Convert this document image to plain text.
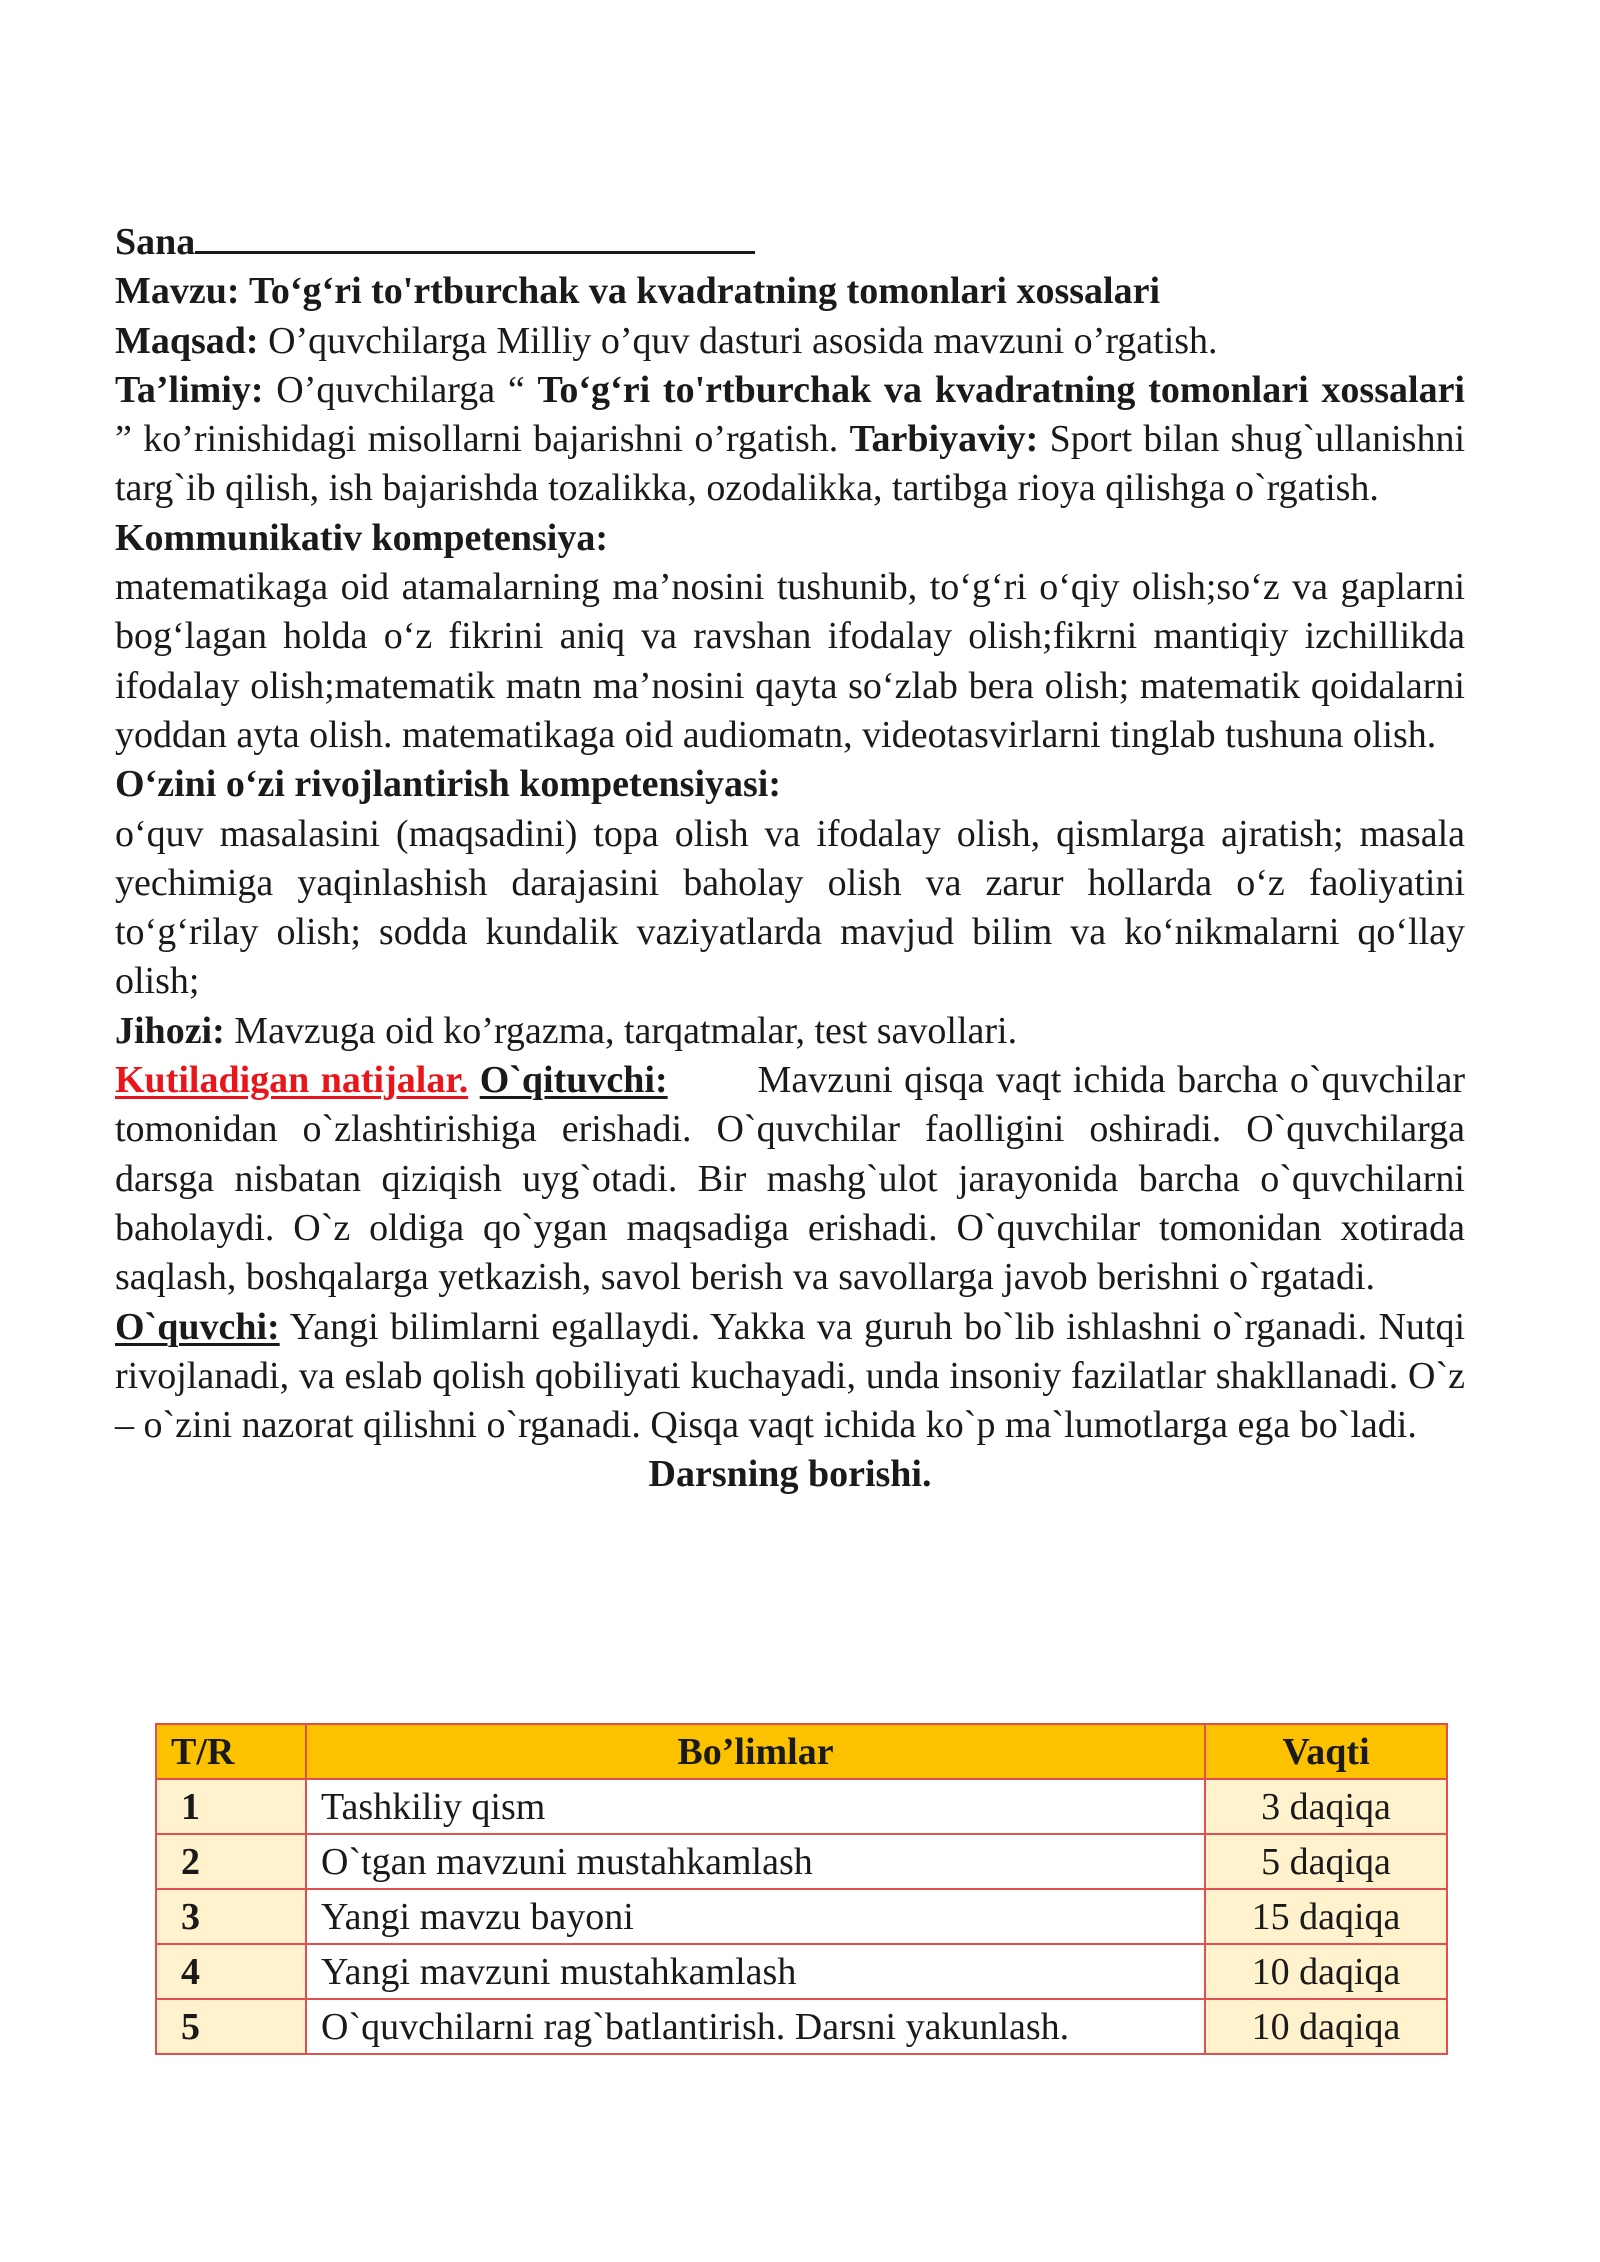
Sana

Mavzu: To‘g‘ri to'rtburchak va kvadratning tomonlari xossalari

Maqsad: O’quvchilarga Milliy o’quv dasturi asosida mavzuni o’rgatish.

Ta’limiy: O’quvchilarga “ To‘g‘ri to'rtburchak va kvadratning tomonlari xossalari ” ko’rinishidagi misollarni bajarishni o’rgatish. Tarbiyaviy: Sport bilan shug`ullanishni targ`ib qilish, ish bajarishda tozalikka, ozodalikka, tartibga rioya qilishga o`rgatish.

Kommunikativ kompetensiya:

matematikaga oid atamalarning ma’nosini tushunib, to‘g‘ri o‘qiy olish;so‘z va gaplarni bog‘lagan holda o‘z fikrini aniq va ravshan ifodalay olish;fikrni mantiqiy izchillikda ifodalay olish;matematik matn ma’nosini qayta so‘zlab bera olish; matematik qoidalarni yoddan ayta olish. matematikaga oid audiomatn, videotasvirlarni tinglab tushuna olish.

O‘zini o‘zi rivojlantirish kompetensiyasi:

o‘quv masalasini (maqsadini) topa olish va ifodalay olish, qismlarga ajratish; masala yechimiga yaqinlashish darajasini baholay olish va zarur hollarda o‘z faoliyatini to‘g‘rilay olish; sodda kundalik vaziyatlarda mavjud bilim va ko‘nikmalarni qo‘llay olish;

Jihozi: Mavzuga oid ko’rgazma, tarqatmalar, test savollari.

Kutiladigan natijalar. O`qituvchi: Mavzuni qisqa vaqt ichida barcha o`quvchilar tomonidan o`zlashtirishiga erishadi. O`quvchilar faolligini oshiradi. O`quvchilarga darsga nisbatan qiziqish uyg`otadi. Bir mashg`ulot jarayonida barcha o`quvchilarni baholaydi. O`z oldiga qo`ygan maqsadiga erishadi. O`quvchilar tomonidan xotirada saqlash, boshqalarga yetkazish, savol berish va savollarga javob berishni o`rgatadi.

O`quvchi: Yangi bilimlarni egallaydi. Yakka va guruh bo`lib ishlashni o`rganadi. Nutqi rivojlanadi, va eslab qolish qobiliyati kuchayadi, unda insoniy fazilatlar shakllanadi. O`z – o`zini nazorat qilishni o`rganadi. Qisqa vaqt ichida ko`p ma`lumotlarga ega bo`ladi.

Darsning borishi.

T/R	Bo’limlar	Vaqti
1	Tashkiliy qism	3 daqiqa
2	O`tgan mavzuni mustahkamlash	5 daqiqa
3	Yangi mavzu bayoni	15 daqiqa
4	Yangi mavzuni mustahkamlash	10 daqiqa
5	O`quvchilarni rag`batlantirish. Darsni yakunlash.	10 daqiqa
